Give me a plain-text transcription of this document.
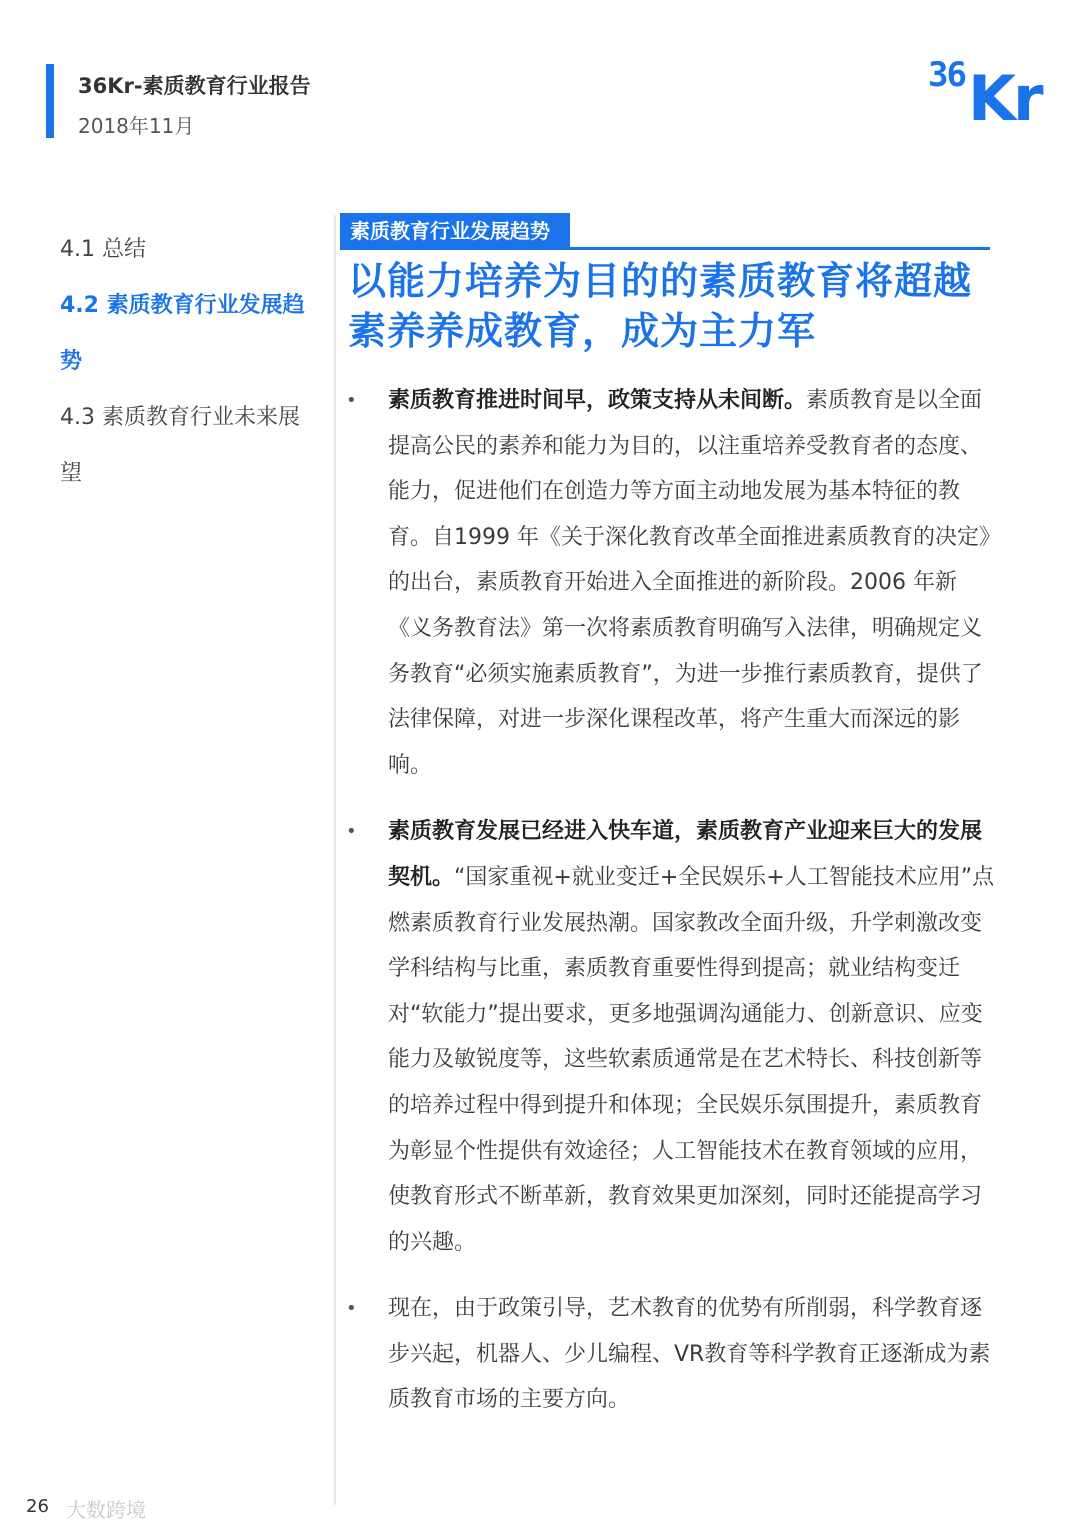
36Kr-素质教育行业报告
2018年11月
36 Kr
4.1 总结
4.2 素质教育行业发展趋势
4.3 素质教育行业未来展望
素质教育行业发展趋势
以能力培养为目的的素质教育将超越素养养成教育，成为主力军
• 素质教育推进时间早，政策支持从未间断。素质教育是以全面提高公民的素养和能力为目的，以注重培养受教育者的态度、能力，促进他们在创造力等方面主动地发展为基本特征的教育。自1999 年《关于深化教育改革全面推进素质教育的决定》的出台，素质教育开始进入全面推进的新阶段。2006 年新《义务教育法》第一次将素质教育明确写入法律，明确规定义务教育“必须实施素质教育”，为进一步推行素质教育，提供了法律保障，对进一步深化课程改革，将产生重大而深远的影响。
• 素质教育发展已经进入快车道，素质教育产业迎来巨大的发展契机。“国家重视+就业变迁+全民娱乐+人工智能技术应用”点燃素质教育行业发展热潮。国家教改全面升级，升学刺激改变学科结构与比重，素质教育重要性得到提高；就业结构变迁对“软能力”提出要求，更多地强调沟通能力、创新意识、应变能力及敏锐度等，这些软素质通常是在艺术特长、科技创新等的培养过程中得到提升和体现；全民娱乐氛围提升，素质教育为彰显个性提供有效途径；人工智能技术在教育领域的应用，使教育形式不断革新，教育效果更加深刻，同时还能提高学习的兴趣。
• 现在，由于政策引导，艺术教育的优势有所削弱，科学教育逐步兴起，机器人、少儿编程、VR教育等科学教育正逐渐成为素质教育市场的主要方向。
大数跨境
26
